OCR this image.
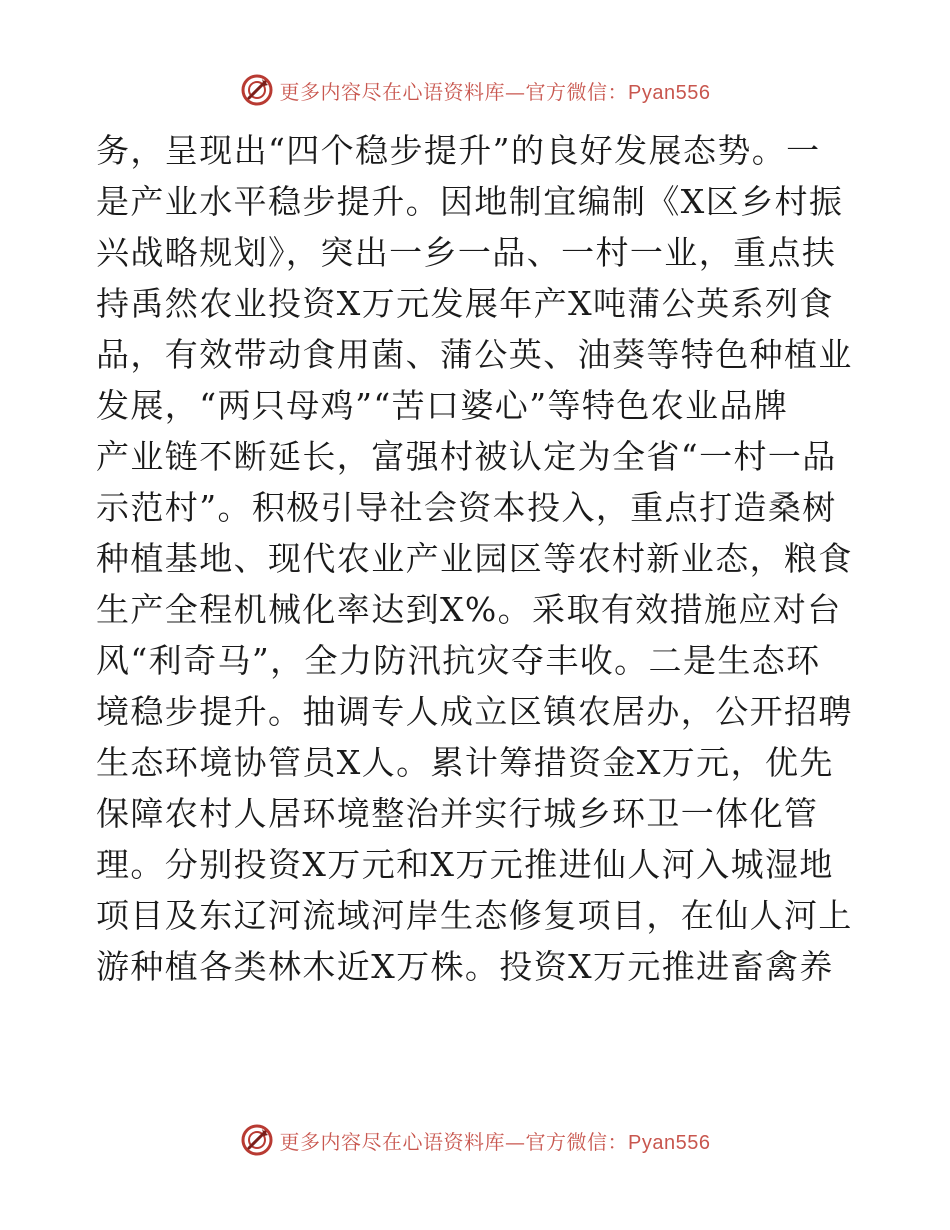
更多内容尽在心语资料库—官方微信：Pyan556
务，呈现出“四个稳步提升”的良好发展态势。一
是产业水平稳步提升。因地制宜编制《X区乡村振
兴战略规划》，突出一乡一品、一村一业，重点扶
持禹然农业投资X万元发展年产X吨蒲公英系列食
品，有效带动食用菌、蒲公英、油葵等特色种植业
发展，“两只母鸡”“苦口婆心”等特色农业品牌
产业链不断延长，富强村被认定为全省“一村一品
示范村”。积极引导社会资本投入，重点打造桑树
种植基地、现代农业产业园区等农村新业态，粮食
生产全程机械化率达到X%。采取有效措施应对台
风“利奇马”，全力防汛抗灾夺丰收。二是生态环
境稳步提升。抽调专人成立区镇农居办，公开招聘
生态环境协管员X人。累计筹措资金X万元，优先
保障农村人居环境整治并实行城乡环卫一体化管
理。分别投资X万元和X万元推进仙人河入城湿地
项目及东辽河流域河岸生态修复项目，在仙人河上
游种植各类林木近X万株。投资X万元推进畜禽养
更多内容尽在心语资料库—官方微信：Pyan556
